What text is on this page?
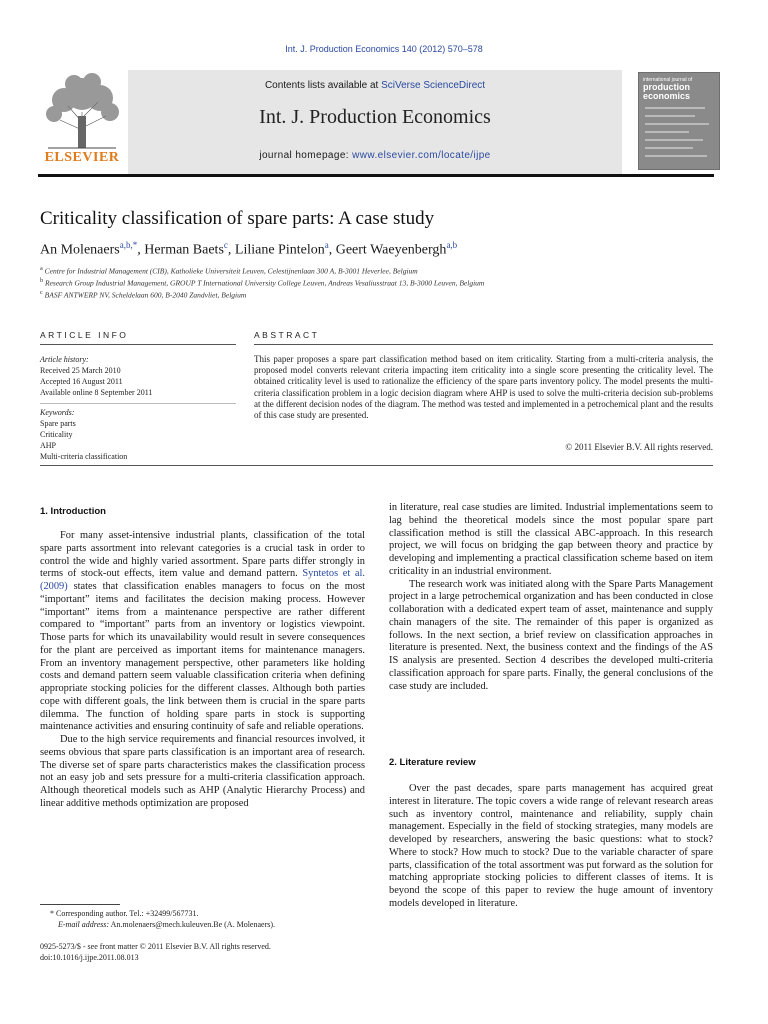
Int. J. Production Economics 140 (2012) 570–578
ELSEVIER
Contents lists available at SciVerse ScienceDirect
Int. J. Production Economics
journal homepage: www.elsevier.com/locate/ijpe
international journal of
production
economics
Criticality classification of spare parts: A case study
An Molenaers$^{a,b,*}$, Herman Baets$^c$, Liliane Pintelon$^a$, Geert Waeyenbergh$^{a,b}$
$^a$ Centre for Industrial Management (CIB), Katholieke Universiteit Leuven, Celestijnenlaan 300 A, B-3001 Heverlee, Belgium
$^b$ Research Group Industrial Management, GROUP T International University College Leuven, Andreas Vesaliusstraat 13, B-3000 Leuven, Belgium
$^c$ BASF ANTWERP NV, Scheldelaan 600, B-2040 Zandvliet, Belgium
ARTICLE INFO
Article history:
Received 25 March 2010
Accepted 16 August 2011
Available online 8 September 2011
Keywords:
Spare parts
Criticality
AHP
Multi-criteria classification
ABSTRACT
This paper proposes a spare part classification method based on item criticality. Starting from a multi-criteria analysis, the proposed model converts relevant criteria impacting item criticality into a single score presenting the criticality level. The obtained criticality level is used to rationalize the efficiency of the spare parts inventory policy. The model presents the multi-criteria classification problem in a logic decision diagram where AHP is used to solve the multi-criteria decision sub-problems at the different decision nodes of the diagram. The method was tested and implemented in a petrochemical plant and the results of this case study are presented.
© 2011 Elsevier B.V. All rights reserved.
1. Introduction

For many asset-intensive industrial plants, classification of the total spare parts assortment into relevant categories is a crucial task in order to control the wide and highly varied assortment. Spare parts differ strongly in terms of stock-out effects, item value and demand pattern. Syntetos et al. (2009) states that classification enables managers to focus on the most “important” items and facilitates the decision making process. However “important” items from a maintenance perspective are rather different compared to “important” parts from an inventory or logistics viewpoint. Those parts for which its unavailability would result in severe consequences for the plant are perceived as important items for maintenance managers. From an inventory management perspective, other parameters like holding costs and demand pattern seem valuable classification criteria when defining appropriate stocking policies for the different classes. Although both parties cope with different goals, the link between them is crucial in the spare parts dilemma. The function of holding spare parts in stock is supporting maintenance activities and ensuring continuity of safe and reliable operations.

Due to the high service requirements and financial resources involved, it seems obvious that spare parts classification is an important area of research. The diverse set of spare parts characteristics makes the classification process not an easy job and sets pressure for a multi-criteria classification approach. Although theoretical models such as AHP (Analytic Hierarchy Process) and linear additive methods optimization are proposed

* Corresponding author. Tel.: +32499/567731.
E-mail address: An.molenaers@mech.kuleuven.Be (A. Molenaers).
0925-5273/$ - see front matter © 2011 Elsevier B.V. All rights reserved.
doi:10.1016/j.ijpe.2011.08.013

in literature, real case studies are limited. Industrial implementations seem to lag behind the theoretical models since the most popular spare part classification method is still the classical ABC-approach. In this research project, we will focus on bridging the gap between theory and practice by developing and implementing a practical classification scheme based on item criticality in an industrial environment.

The research work was initiated along with the Spare Parts Management project in a large petrochemical organization and has been conducted in close collaboration with a dedicated expert team of asset, maintenance and supply chain managers of the site. The remainder of this paper is organized as follows. In the next section, a brief review on classification approaches in literature is presented. Next, the business context and the findings of the AS IS analysis are presented. Section 4 describes the developed multi-criteria classification approach for spare parts. Finally, the general conclusions of the case study are included.

2. Literature review

Over the past decades, spare parts management has acquired great interest in literature. The topic covers a wide range of relevant research areas such as inventory control, maintenance and reliability, supply chain management. Especially in the field of stocking strategies, many models are developed by researchers, answering the basic questions: what to stock? Where to stock? How much to stock? Due to the variable character of spare parts, classification of the total assortment was put forward as the solution for matching appropriate stocking policies to different classes of items. It is beyond the scope of this paper to review the huge amount of inventory models developed in literature.
